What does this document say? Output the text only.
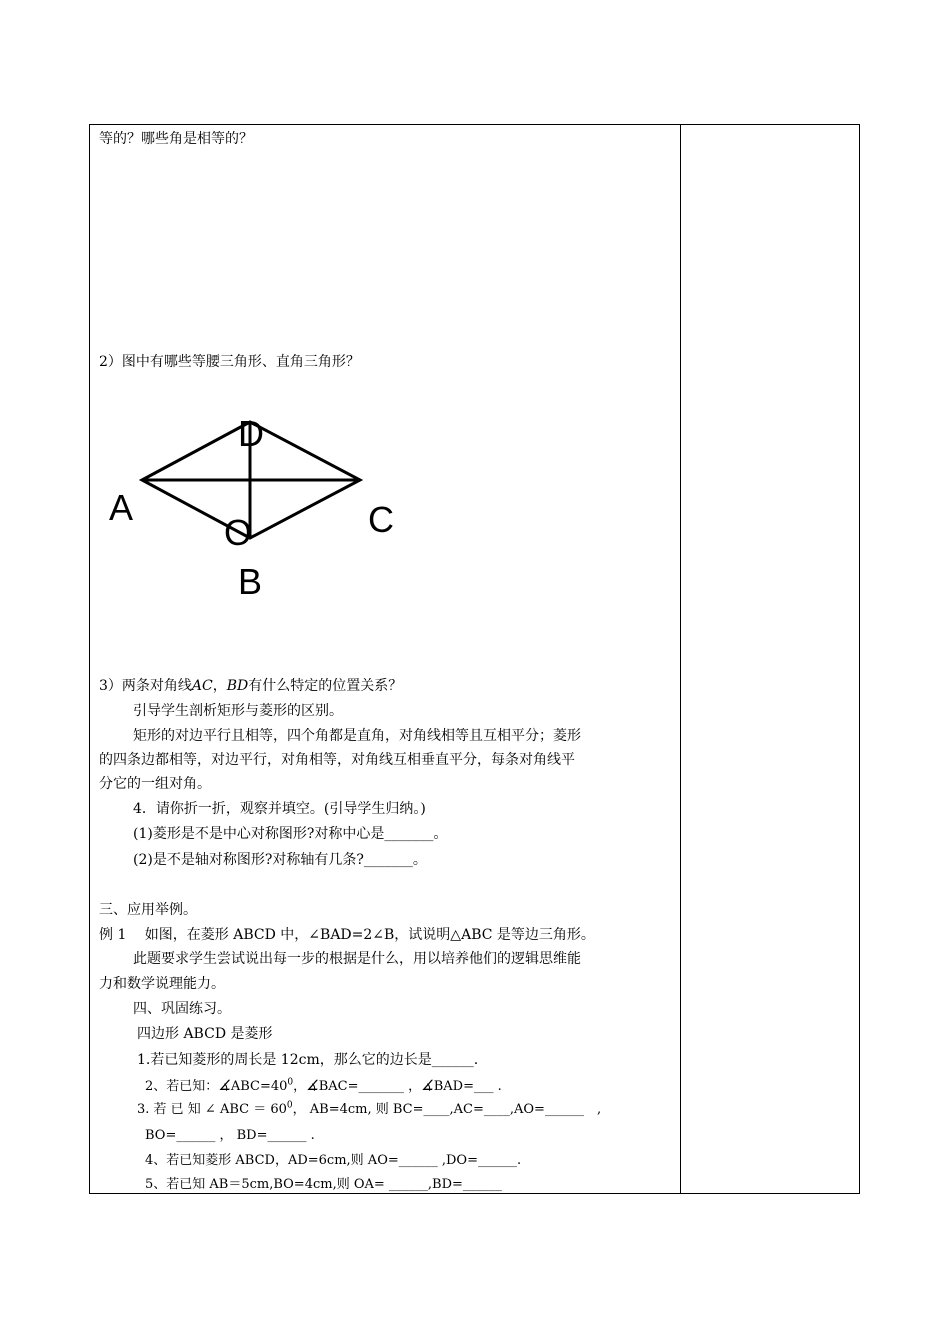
等的？哪些角是相等的？
2）图中有哪些等腰三角形、直角三角形？
D
A	C
O
B
3）两条对角线AC，BD有什么特定的位置关系？
引导学生剖析矩形与菱形的区别。
矩形的对边平行且相等，四个角都是直角，对角线相等且互相平分；菱形
的四条边都相等，对边平行，对角相等，对角线互相垂直平分，每条对角线平
分它的一组对角。
4．请你折一折，观察并填空。(引导学生归纳。)
(1)菱形是不是中心对称图形?对称中心是_______。
(2)是不是轴对称图形?对称轴有几条?_______。
三、应用举例。
例 1　 如图，在菱形 ABCD 中，∠BAD=2∠B，试说明△ABC 是等边三角形。
此题要求学生尝试说出每一步的根据是什么，用以培养他们的逻辑思维能
力和数学说理能力。
四、巩固练习。
四边形 ABCD 是菱形
1.若已知菱形的周长是 12cm，那么它的边长是______.
2、若已知：$∡ABC=40^0$，∡BAC=_______ ，∡BAD=___ .
3. 若 已 知 ∠ ABC ＝ $60^0$， AB=4cm, 则 BC=____,AC=____,AO=______　,
BO=______ ， BD=______ .
4、若已知菱形 ABCD，AD=6cm,则 AO=______ ,DO=______.
5、若已知 AB＝5cm,BO=4cm,则 OA= ______,BD=______
